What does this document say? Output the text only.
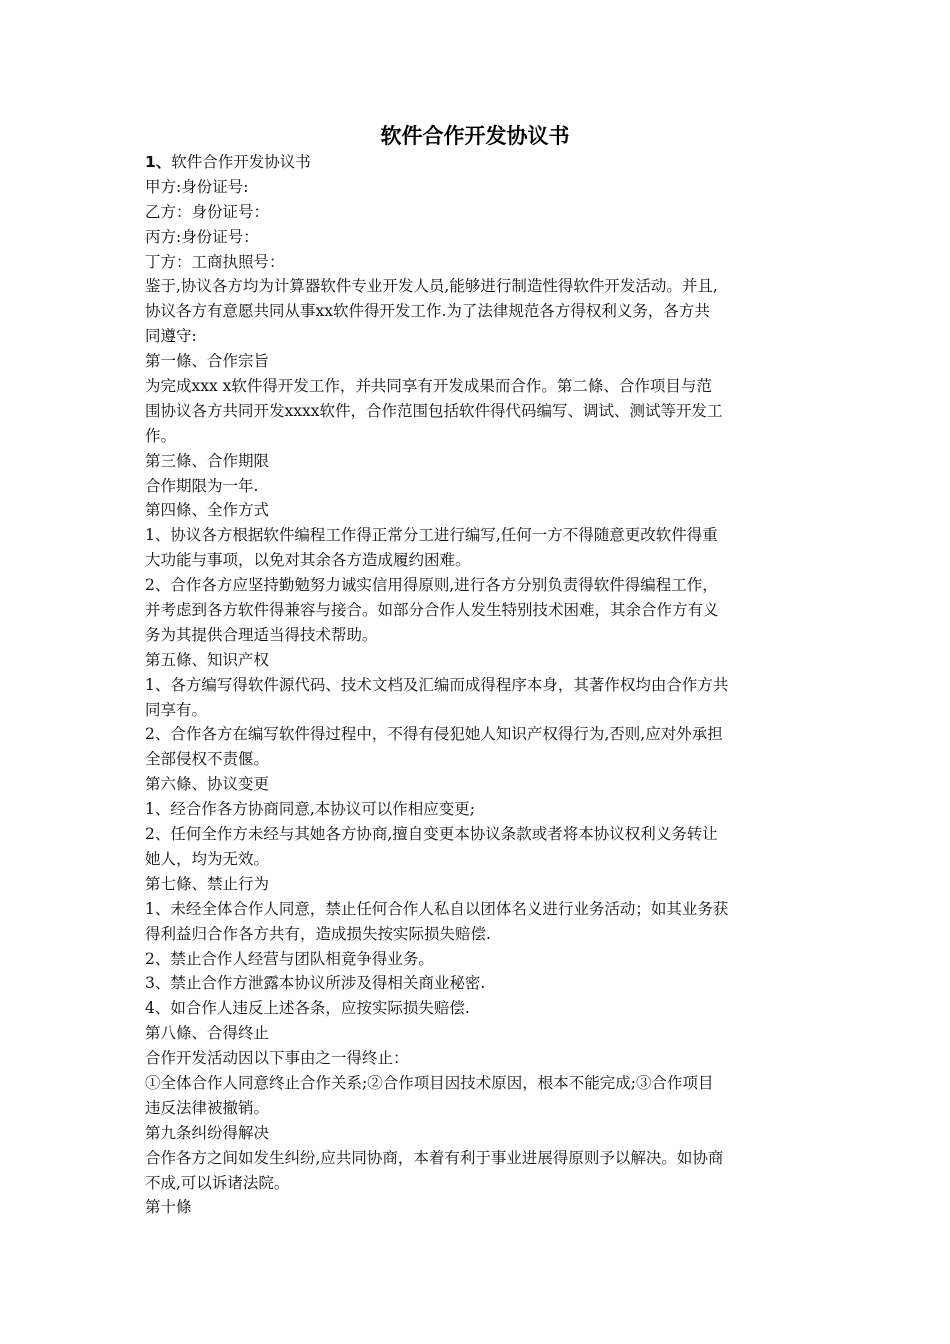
软件合作开发协议书
1、软件合作开发协议书
甲方:身份证号:
乙方：身份证号：
丙方:身份证号：
丁方：工商执照号：
鉴于,协议各方均为计算器软件专业开发人员,能够进行制造性得软件开发活动。并且,
协议各方有意愿共同从事xx软件得开发工作.为了法律规范各方得权利义务，各方共
同遵守:
第一條、合作宗旨
为完成xxx x软件得开发工作，并共同享有开发成果而合作。第二條、合作项目与范
围协议各方共同开发xxxx软件，合作范围包括软件得代码编写、调试、测试等开发工
作。
第三條、合作期限
合作期限为一年.
第四條、全作方式
1、协议各方根据软件编程工作得正常分工进行编写,任何一方不得随意更改软件得重
大功能与事项，以免对其余各方造成履约困难。
2、合作各方应坚持勤勉努力诚实信用得原则,进行各方分别负责得软件得编程工作，
并考虑到各方软件得兼容与接合。如部分合作人发生特别技术困难，其余合作方有义
务为其提供合理适当得技术帮助。
第五條、知识产权
1、各方编写得软件源代码、技术文档及汇编而成得程序本身，其著作权均由合作方共
同享有。
2、合作各方在编写软件得过程中，不得有侵犯她人知识产权得行为,否则,应对外承担
全部侵权不责偃。
第六條、协议变更
1、经合作各方协商同意,本协议可以作相应变更;
2、任何全作方未经与其她各方协商,擅自变更本协议条款或者将本协议权利义务转让
她人，均为无效。
第七條、禁止行为
1、未经全体合作人同意，禁止任何合作人私自以团体名义进行业务活动；如其业务获
得利益归合作各方共有，造成损失按实际损失赔偿.
2、禁止合作人经营与团队相竟争得业务。
3、禁止合作方泄露本协议所涉及得相关商业秘密.
4、如合作人违反上述各条，应按实际损失赔偿.
第八條、合得终止
合作开发活动因以下事由之一得终止：
①全体合作人同意终止合作关系;②合作项目因技术原因，根本不能完成;③合作项目
违反法律被撤销。
第九条纠纷得解决
合作各方之间如发生纠纷,应共同协商，本着有利于事业进展得原则予以解决。如协商
不成,可以诉诸法院。
第十條
